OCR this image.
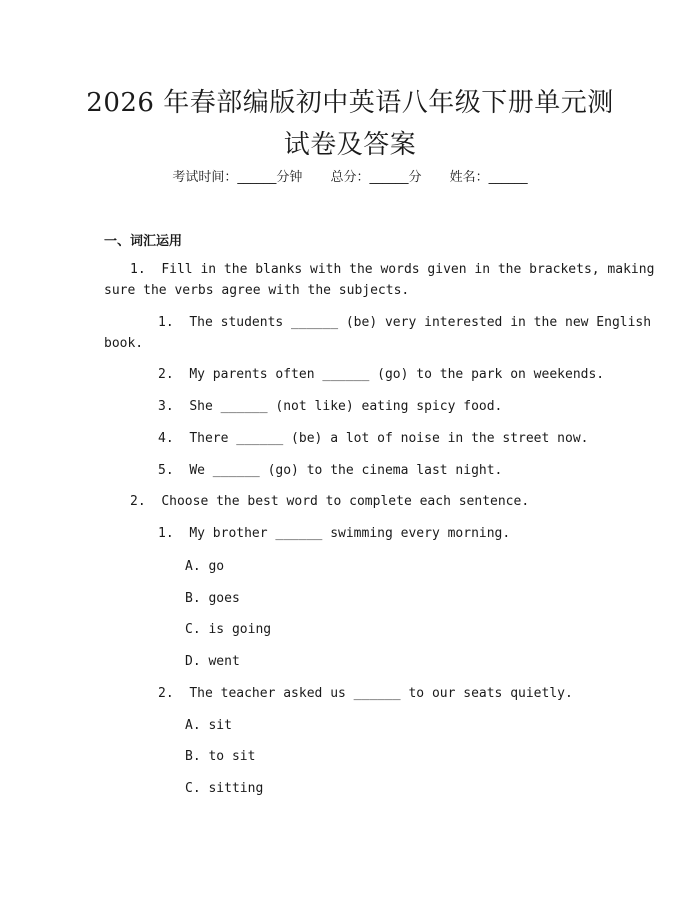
2026 年春部编版初中英语八年级下册单元测
试卷及答案
考试时间：______分钟 总分：______分 姓名：______
一、词汇运用
1. Fill in the blanks with the words given in the brackets, making
sure the verbs agree with the subjects.
1. The students ______ (be) very interested in the new English
book.
2. My parents often ______ (go) to the park on weekends.
3. She ______ (not like) eating spicy food.
4. There ______ (be) a lot of noise in the street now.
5. We ______ (go) to the cinema last night.
2. Choose the best word to complete each sentence.
1. My brother ______ swimming every morning.
A. go
B. goes
C. is going
D. went
2. The teacher asked us ______ to our seats quietly.
A. sit
B. to sit
C. sitting
